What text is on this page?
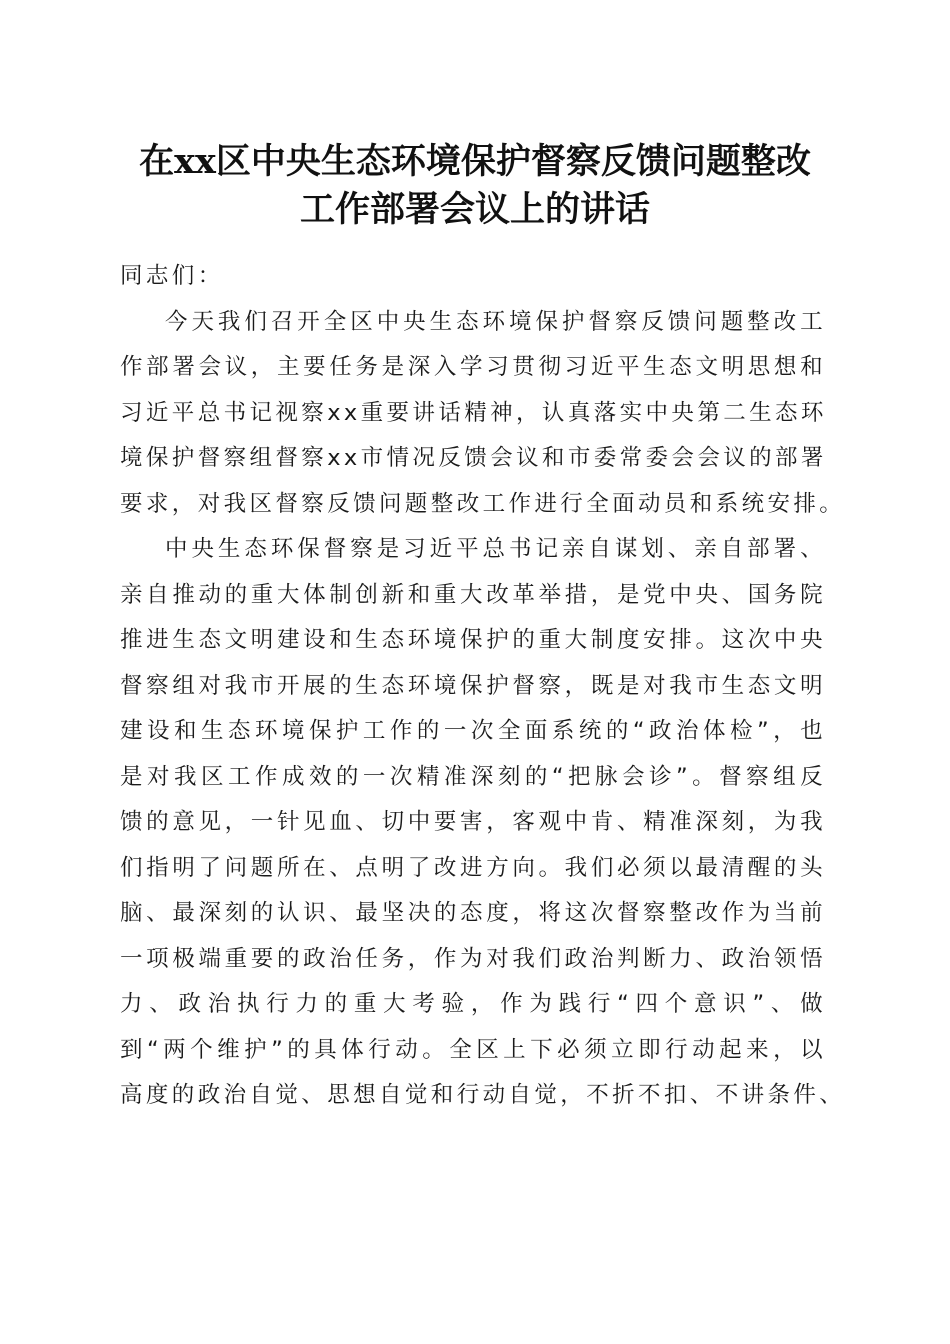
在xx区中央生态环境保护督察反馈问题整改
工作部署会议上的讲话

同志们：

今天我们召开全区中央生态环境保护督察反馈问题整改工
作部署会议，主要任务是深入学习贯彻习近平生态文明思想和
习近平总书记视察xx重要讲话精神，认真落实中央第二生态环
境保护督察组督察xx市情况反馈会议和市委常委会会议的部署
要求，对我区督察反馈问题整改工作进行全面动员和系统安排。

中央生态环保督察是习近平总书记亲自谋划、亲自部署、
亲自推动的重大体制创新和重大改革举措，是党中央、国务院
推进生态文明建设和生态环境保护的重大制度安排。这次中央
督察组对我市开展的生态环境保护督察，既是对我市生态文明
建设和生态环境保护工作的一次全面系统的“政治体检”，也
是对我区工作成效的一次精准深刻的“把脉会诊”。督察组反
馈的意见，一针见血、切中要害，客观中肯、精准深刻，为我
们指明了问题所在、点明了改进方向。我们必须以最清醒的头
脑、最深刻的认识、最坚决的态度，将这次督察整改作为当前
一项极端重要的政治任务，作为对我们政治判断力、政治领悟
力、政治执行力的重大考验，作为践行“四个意识”、做
到“两个维护”的具体行动。全区上下必须立即行动起来，以
高度的政治自觉、思想自觉和行动自觉，不折不扣、不讲条件、
